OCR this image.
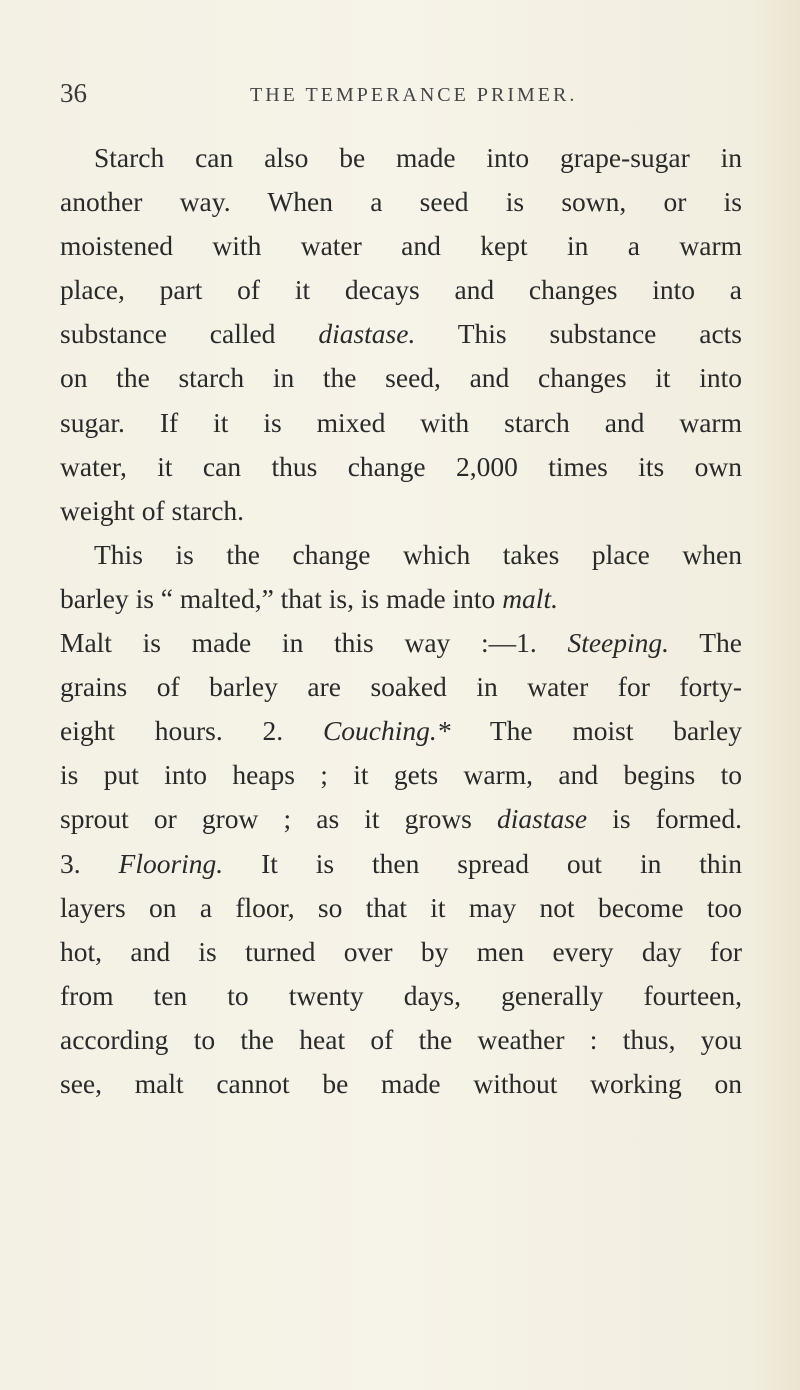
36	THE TEMPERANCE PRIMER.
Starch can also be made into grape-sugar in
another way. When a seed is sown, or is
moistened with water and kept in a warm
place, part of it decays and changes into a
substance called diastase. This substance acts
on the starch in the seed, and changes it into
sugar. If it is mixed with starch and warm
water, it can thus change 2,000 times its own
weight of starch.
This is the change which takes place when
barley is “ malted,” that is, is made into malt.
Malt is made in this way :—1. Steeping. The
grains of barley are soaked in water for forty-
eight hours. 2. Couching.* The moist barley
is put into heaps ; it gets warm, and begins to
sprout or grow ; as it grows diastase is formed.
3. Flooring. It is then spread out in thin
layers on a floor, so that it may not become too
hot, and is turned over by men every day for
from ten to twenty days, generally fourteen,
according to the heat of the weather : thus, you
see, malt cannot be made without working on
